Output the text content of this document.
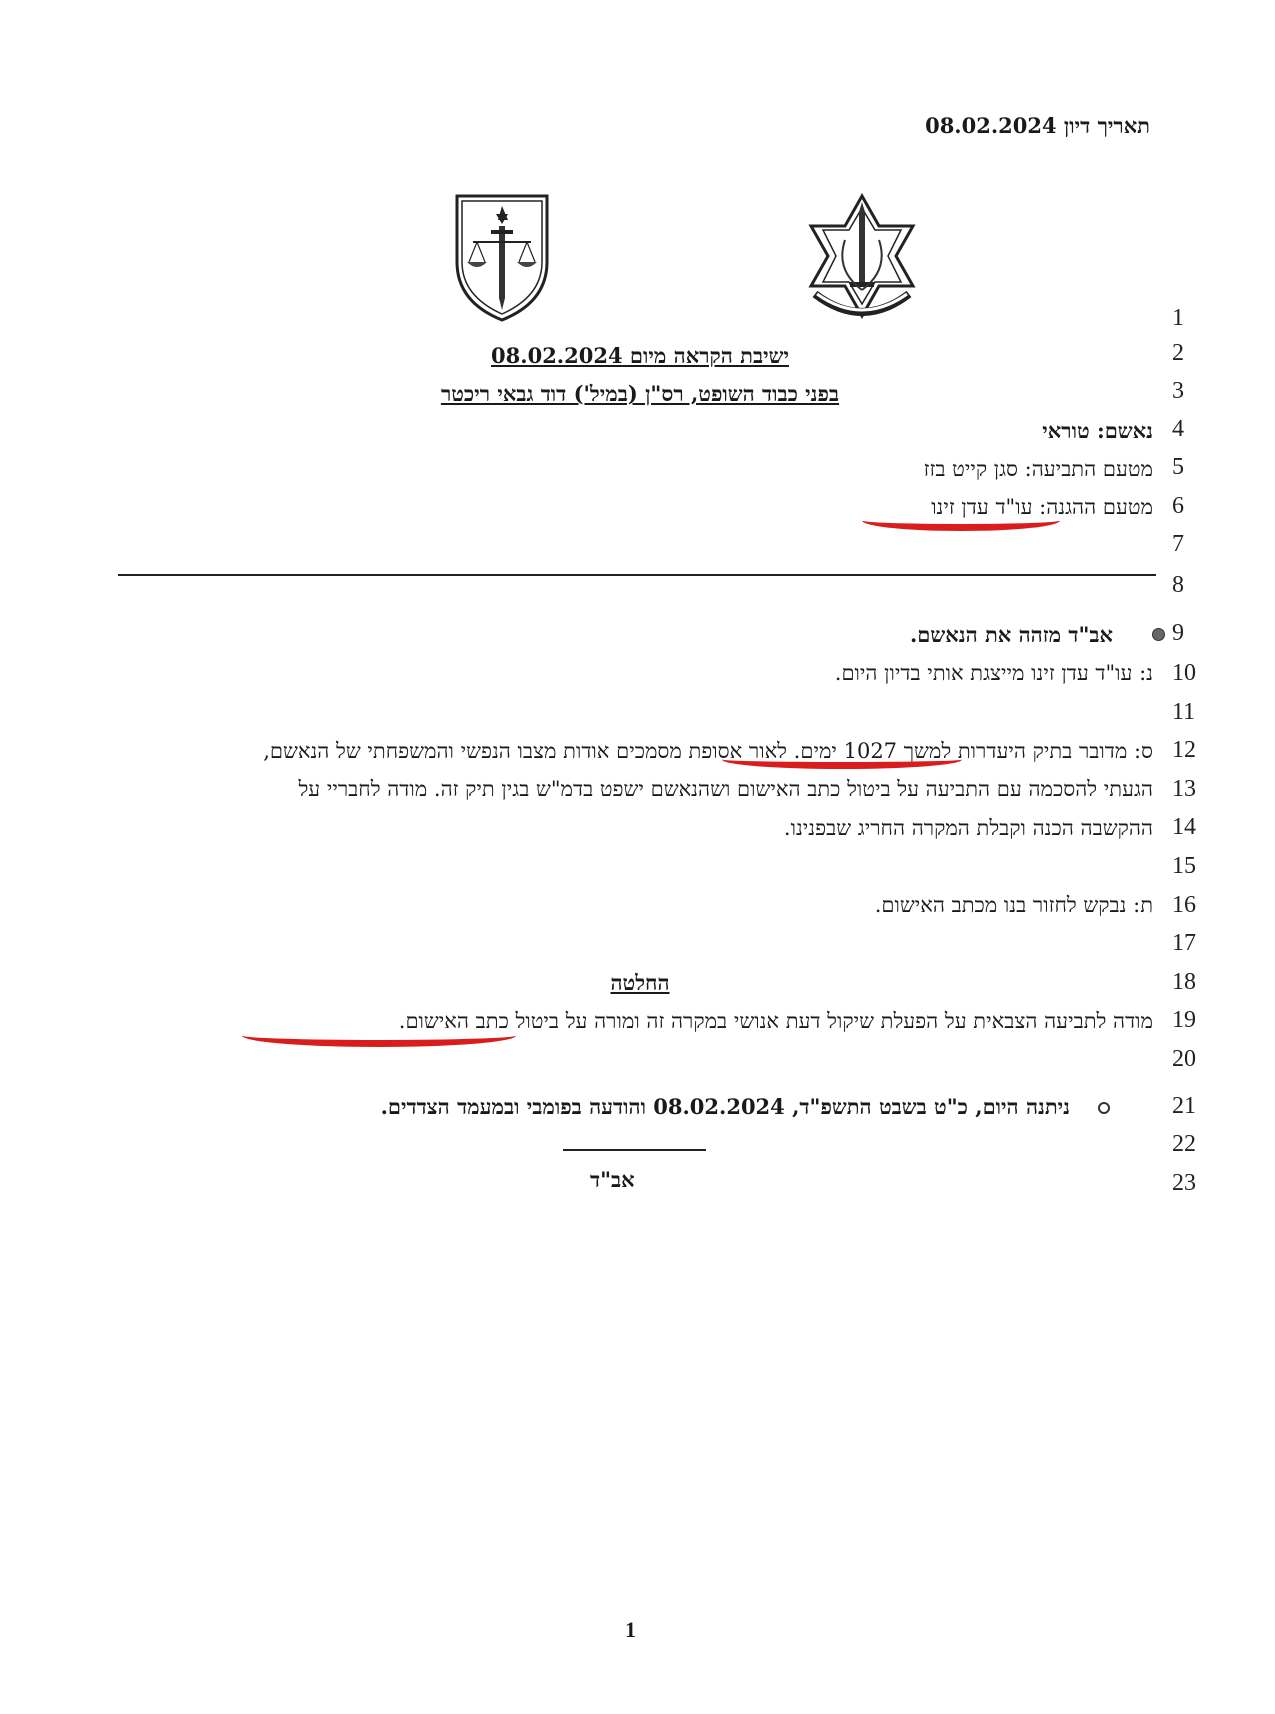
תאריך דיון 08.02.2024
1
2
3
4
5
6
7
8
9
10
11
12
13
14
15
16
17
18
19
20
21
22
23
ישיבת הקראה מיום 08.02.2024
בפני כבוד השופט, רס"ן (במיל') דוד גבאי ריכטר
נאשם: טוראי
מטעם התביעה: סגן קייט בזז
מטעם ההגנה: עו"ד עדן זינו
אב"ד מזהה את הנאשם.
נ: עו"ד עדן זינו מייצגת אותי בדיון היום.
ס: מדובר בתיק היעדרות למשך 1027 ימים. לאור אסופת מסמכים אודות מצבו הנפשי והמשפחתי של הנאשם,
הגעתי להסכמה עם התביעה על ביטול כתב האישום ושהנאשם ישפט בדמ"ש בגין תיק זה. מודה לחבריי על
ההקשבה הכנה וקבלת המקרה החריג שבפנינו.
ת: נבקש לחזור בנו מכתב האישום.
החלטה
מודה לתביעה הצבאית על הפעלת שיקול דעת אנושי במקרה זה ומורה על ביטול כתב האישום.
ניתנה היום, כ"ט בשבט התשפ"ד, 08.02.2024 והודעה בפומבי ובמעמד הצדדים.
אב"ד
1
